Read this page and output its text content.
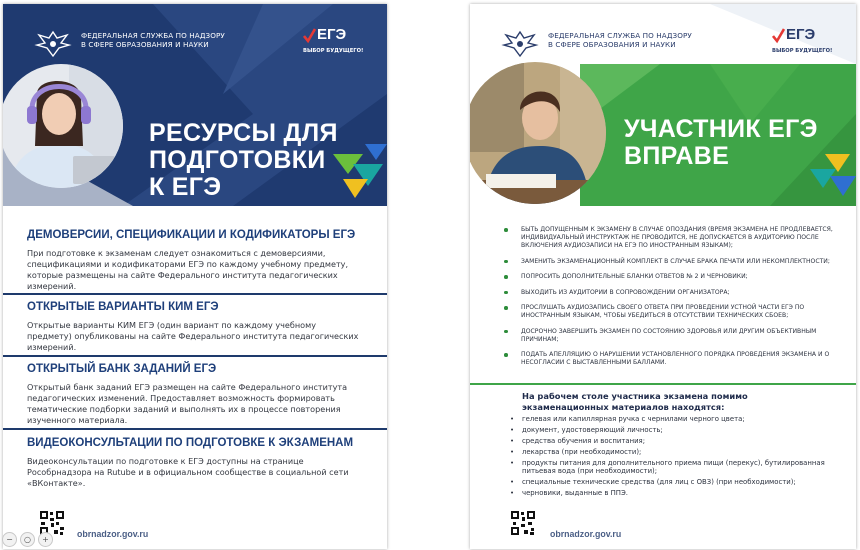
ФЕДЕРАЛЬНАЯ СЛУЖБА ПО НАДЗОРУ
В СФЕРЕ ОБРАЗОВАНИЯ И НАУКИ
ЕГЭ
ВЫБОР БУДУЩЕГО!
РЕСУРСЫ ДЛЯ
ПОДГОТОВКИ
К ЕГЭ
ДЕМОВЕРСИИ, СПЕЦИФИКАЦИИ И КОДИФИКАТОРЫ ЕГЭ
При подготовке к экзаменам следует ознакомиться с демоверсиями, спецификациями и кодификаторами ЕГЭ по каждому учебному предмету, которые размещены на сайте Федерального института педагогических измерений.
ОТКРЫТЫЕ ВАРИАНТЫ КИМ ЕГЭ
Открытые варианты КИМ ЕГЭ (один вариант по каждому учебному предмету) опубликованы на сайте Федерального института педагогических измерений.
ОТКРЫТЫЙ БАНК ЗАДАНИЙ ЕГЭ
Открытый банк заданий ЕГЭ размещен на сайте Федерального института педагогических изменений. Предоставляет возможность формировать тематические подборки заданий и выполнять их в процессе повторения изученного материала.
ВИДЕОКОНСУЛЬТАЦИИ ПО ПОДГОТОВКЕ К ЭКЗАМЕНАМ
Видеоконсультации по подготовке к ЕГЭ доступны на странице Рособрнадзора на Rutube и в официальном сообществе в социальной сети «ВКонтакте».
obrnadzor.gov.ru
ФЕДЕРАЛЬНАЯ СЛУЖБА ПО НАДЗОРУ
В СФЕРЕ ОБРАЗОВАНИЯ И НАУКИ
ЕГЭ
ВЫБОР БУДУЩЕГО!
УЧАСТНИК ЕГЭ
ВПРАВЕ
БЫТЬ ДОПУЩЕННЫМ К ЭКЗАМЕНУ В СЛУЧАЕ ОПОЗДАНИЯ (ВРЕМЯ ЭКЗАМЕНА НЕ ПРОДЛЕВАЕТСЯ, ИНДИВИДУАЛЬНЫЙ ИНСТРУКТАЖ НЕ ПРОВОДИТСЯ, НЕ ДОПУСКАЕТСЯ В АУДИТОРИЮ ПОСЛЕ ВКЛЮЧЕНИЯ АУДИОЗАПИСИ НА ЕГЭ ПО ИНОСТРАННЫМ ЯЗЫКАМ);
ЗАМЕНИТЬ ЭКЗАМЕНАЦИОННЫЙ КОМПЛЕКТ В СЛУЧАЕ БРАКА ПЕЧАТИ ИЛИ НЕКОМПЛЕКТНОСТИ;
ПОПРОСИТЬ ДОПОЛНИТЕЛЬНЫЕ БЛАНКИ ОТВЕТОВ № 2 И ЧЕРНОВИКИ;
ВЫХОДИТЬ ИЗ АУДИТОРИИ В СОПРОВОЖДЕНИИ ОРГАНИЗАТОРА;
ПРОСЛУШАТЬ АУДИОЗАПИСЬ СВОЕГО ОТВЕТА ПРИ ПРОВЕДЕНИИ УСТНОЙ ЧАСТИ ЕГЭ ПО ИНОСТРАННЫМ ЯЗЫКАМ, ЧТОБЫ УБЕДИТЬСЯ В ОТСУТСТВИИ ТЕХНИЧЕСКИХ СБОЕВ;
ДОСРОЧНО ЗАВЕРШИТЬ ЭКЗАМЕН ПО СОСТОЯНИЮ ЗДОРОВЬЯ ИЛИ ДРУГИМ ОБЪЕКТИВНЫМ ПРИЧИНАМ;
ПОДАТЬ АПЕЛЛЯЦИЮ О НАРУШЕНИИ УСТАНОВЛЕННОГО ПОРЯДКА ПРОВЕДЕНИЯ ЭКЗАМЕНА И О НЕСОГЛАСИИ С ВЫСТАВЛЕННЫМИ БАЛЛАМИ.
На рабочем столе участника экзамена помимо экзаменационных материалов находятся:
• гелевая или капиллярная ручка с чернилами черного цвета;
• документ, удостоверяющий личность;
• средства обучения и воспитания;
• лекарства (при необходимости);
• продукты питания для дополнительного приема пищи (перекус), бутилированная питьевая вода (при необходимости);
• специальные технические средства (для лиц с ОВЗ) (при необходимости);
• черновики, выданные в ППЭ.
obrnadzor.gov.ru
−	○	+
